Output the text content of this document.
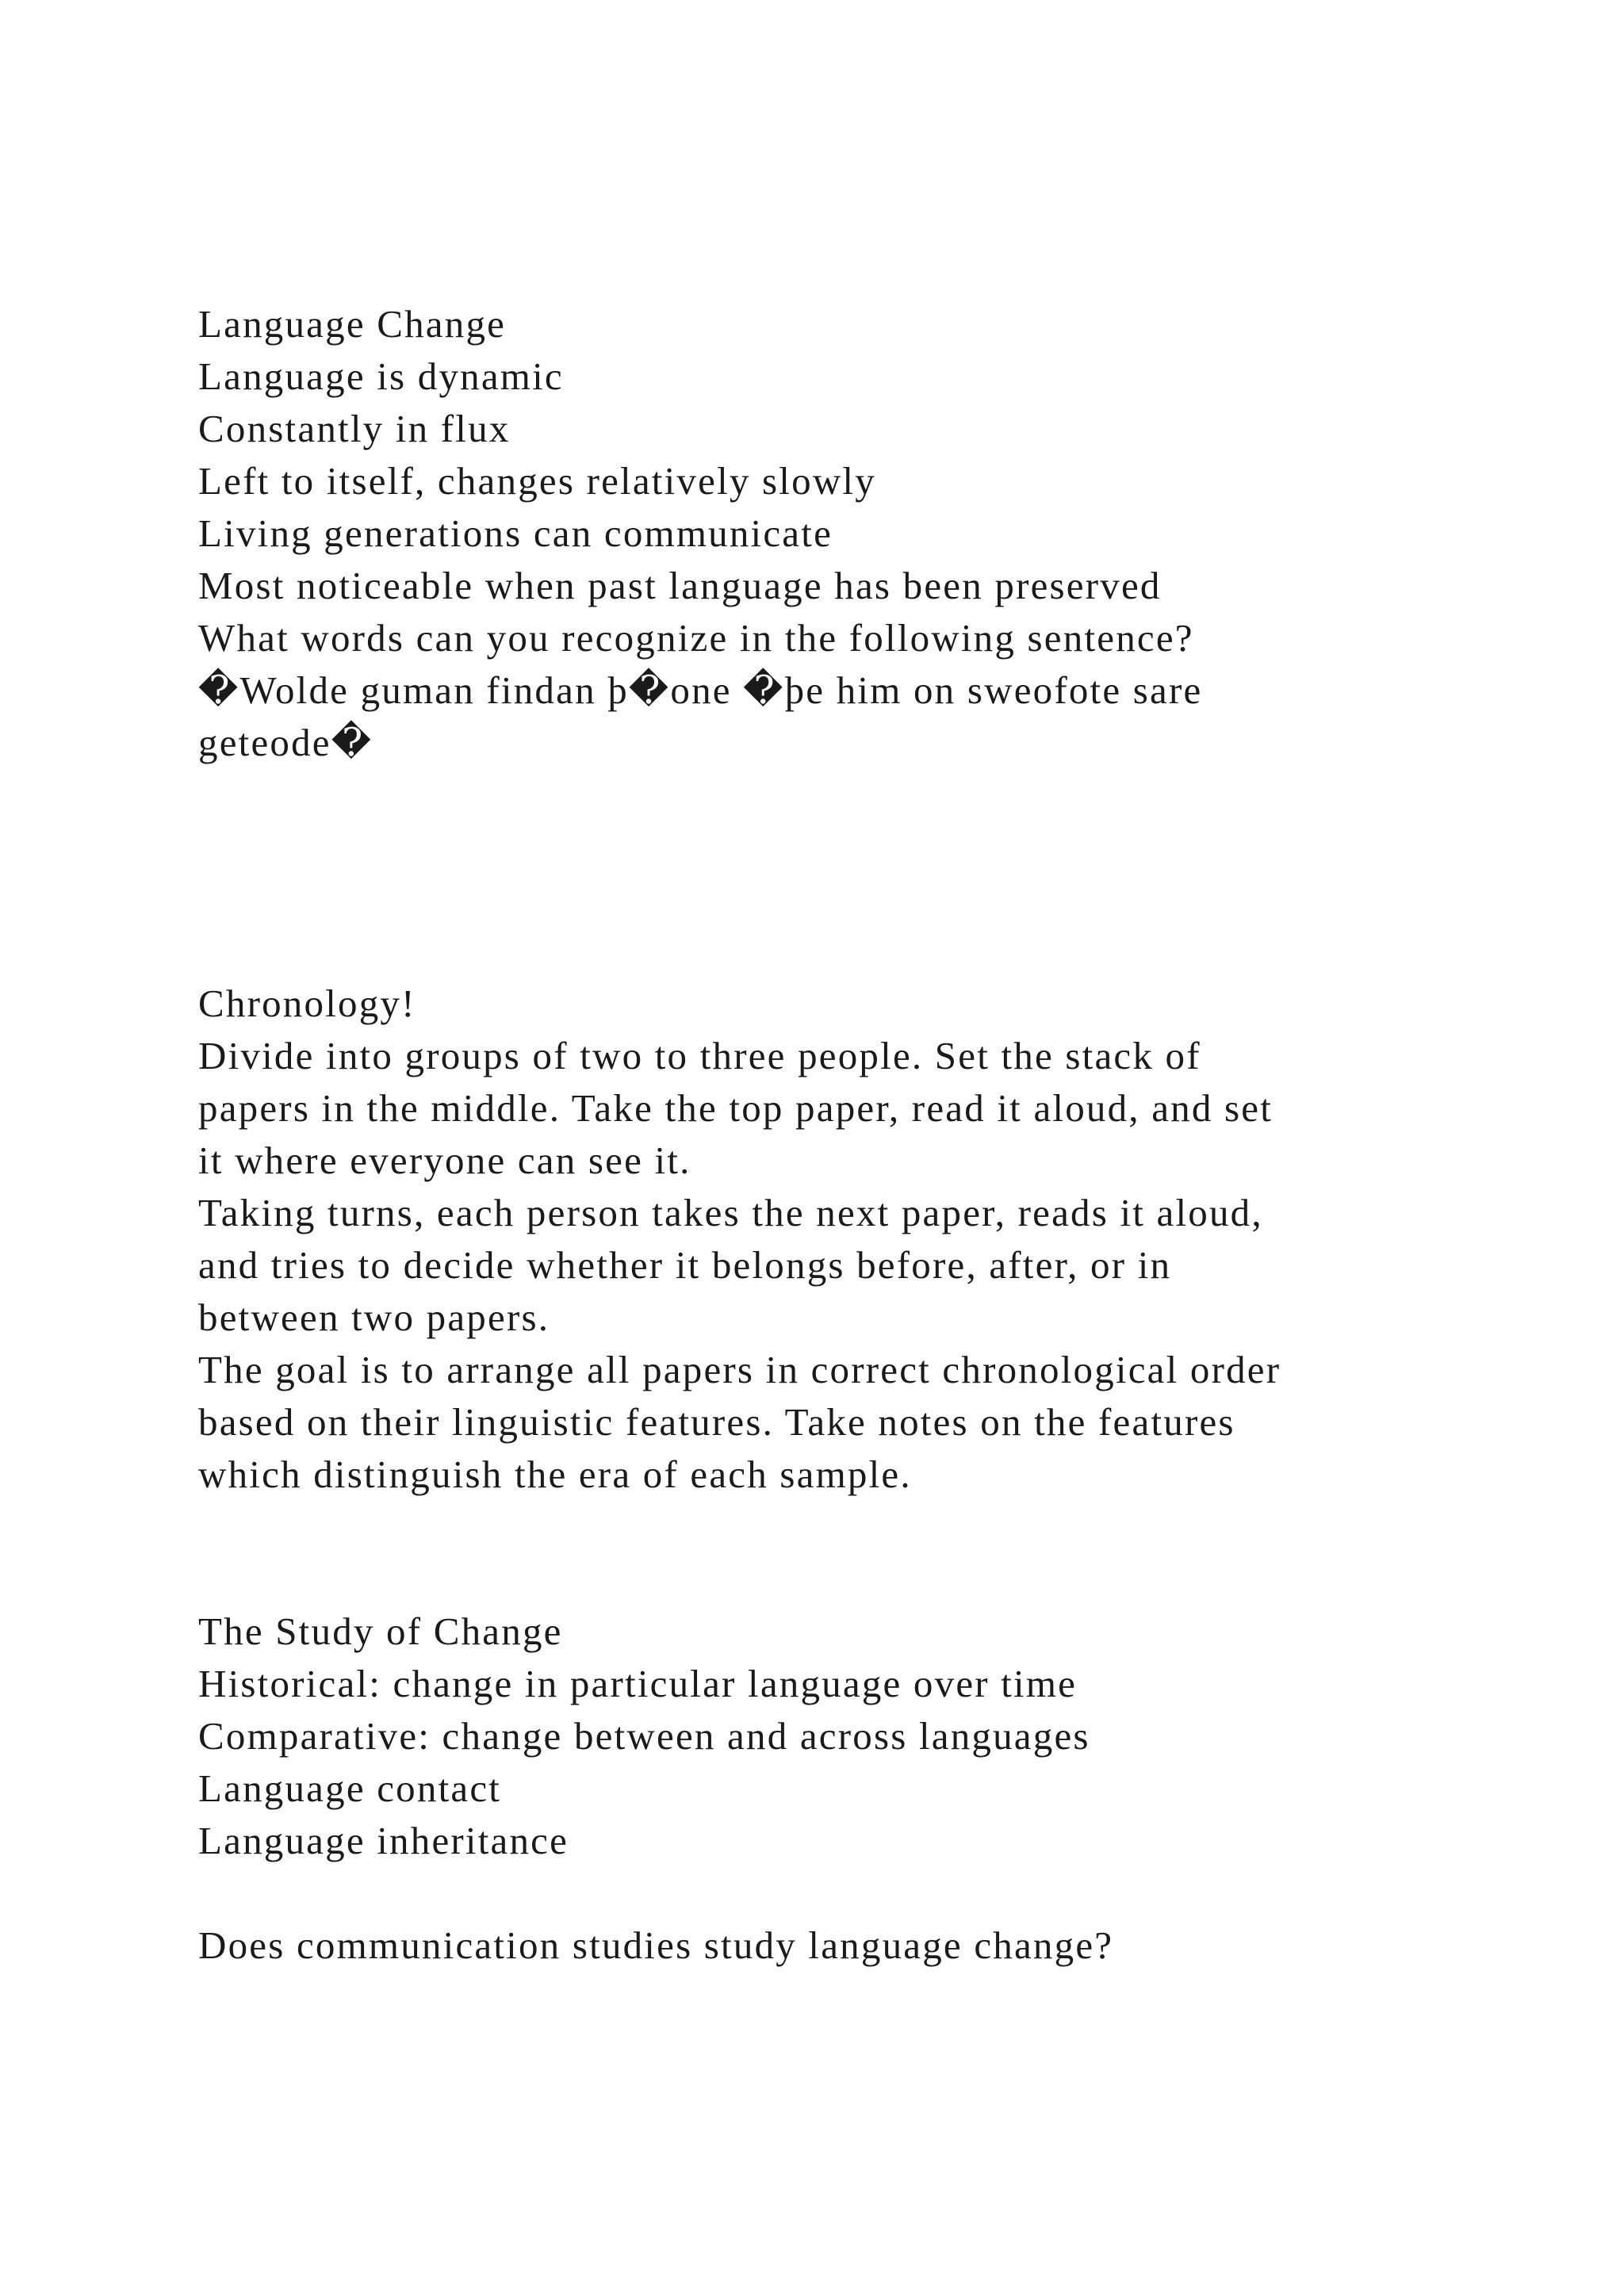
Language Change
Language is dynamic
Constantly in flux
Left to itself, changes relatively slowly
Living generations can communicate
Most noticeable when past language has been preserved
What words can you recognize in the following sentence?
�Wolde guman findan þ�one �þe him on sweofote sare
geteode�
Chronology!
Divide into groups of two to three people. Set the stack of
papers in the middle. Take the top paper, read it aloud, and set
it where everyone can see it.
Taking turns, each person takes the next paper, reads it aloud,
and tries to decide whether it belongs before, after, or in
between two papers.
The goal is to arrange all papers in correct chronological order
based on their linguistic features. Take notes on the features
which distinguish the era of each sample.
The Study of Change
Historical: change in particular language over time
Comparative: change between and across languages
Language contact
Language inheritance
Does communication studies study language change?
